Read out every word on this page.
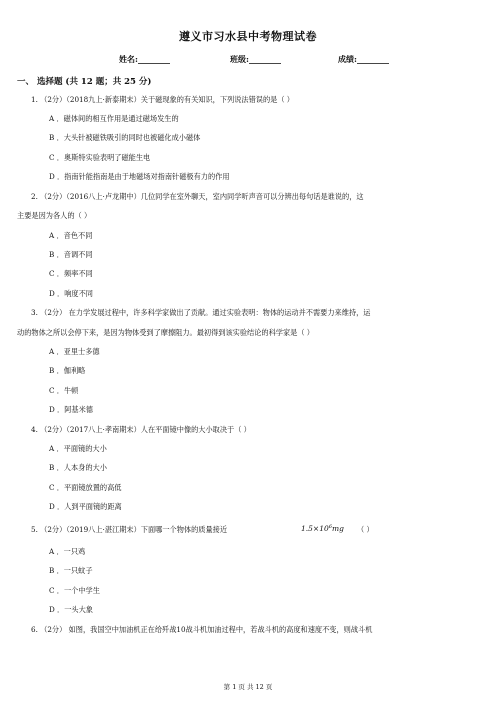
遵义市习水县中考物理试卷
姓名:________	班级:________	成绩:________
一、 选择题 (共 12 题；共 25 分)
1. （2分）（2018九上·新泰期末）关于磁现象的有关知识，下列说法错误的是（ ）
A ．磁体间的相互作用是通过磁场发生的
B ．大头针被磁铁吸引的同时也被磁化成小磁体
C ．奥斯特实验表明了磁能生电
D ．指南针能指南是由于地磁场对指南针磁极有力的作用
2. （2分）（2016八上·卢龙期中）几位同学在室外聊天，室内同学听声音可以分辨出每句话是谁说的，这
主要是因为各人的（ ）
A ．音色不同
B ．音调不同
C ．频率不同
D ．响度不同
3. （2分） 在力学发展过程中，许多科学家做出了贡献。通过实验表明：物体的运动并不需要力来维持，运
动的物体之所以会停下来，是因为物体受到了摩擦阻力。最初得到该实验结论的科学家是（ ）
A ．亚里士多德
B ．伽利略
C ．牛顿
D ．阿基米德
4. （2分）（2017八上·孝南期末）人在平面镜中像的大小取决于（ ）
A ．平面镜的大小
B ．人本身的大小
C ．平面镜放置的高低
D ．人到平面镜的距离
5. （2分）（2019八上·湛江期末）下面哪一个物体的质量接近	$1.5\times 10^6mg$ （ ）
A ．一只鸡
B ．一只蚊子
C ．一个中学生
D ．一头大象
6. （2分） 如图，我国空中加油机正在给歼战10战斗机加油过程中，若战斗机的高度和速度不变，则战斗机
第 1 页 共 12 页
